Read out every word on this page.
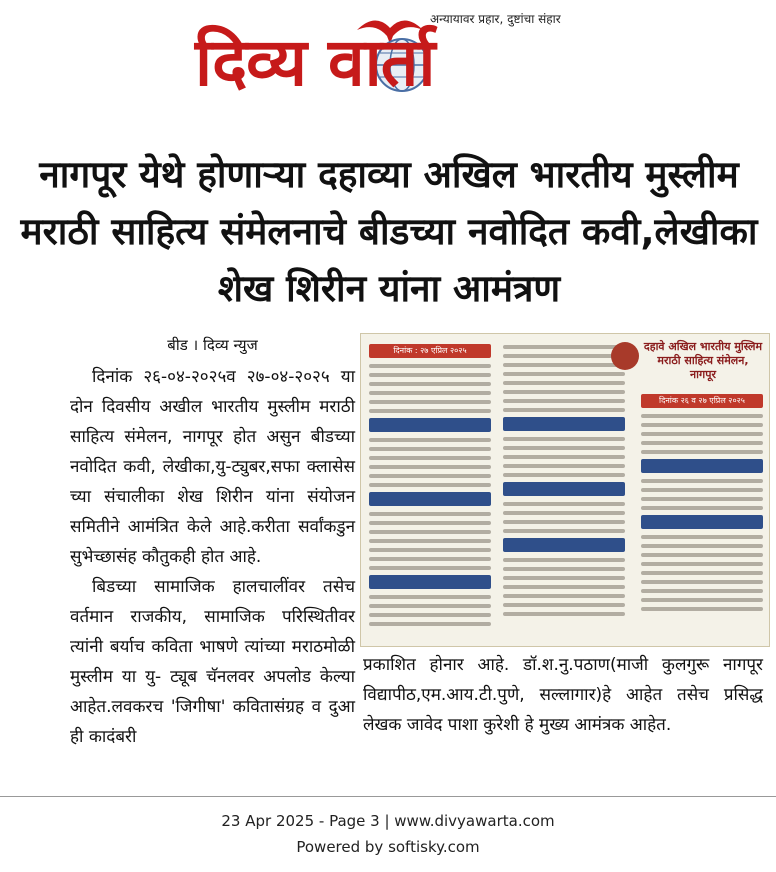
अन्यायावर प्रहार, दुष्टांचा संहार
दिव्य वार्ता
नागपूर येथे होणाऱ्या दहाव्या अखिल भारतीय मुस्लीम मराठी साहित्य संमेलनाचे बीडच्या नवोदित कवी,लेखीका शेख शिरीन यांना आमंत्रण

बीड । दिव्य न्युज

दिनांक २६-०४-२०२५व २७-०४-२०२५ या दोन दिवसीय अखील भारतीय मुस्लीम मराठी साहित्य संमेलन, नागपूर होत असुन बीडच्या नवोदित कवी, लेखीका,यु-ट्युबर,सफा क्लासेस च्या संचालीका शेख शिरीन यांना संयोजन समितीने आमंत्रित केले आहे.करीता सर्वांकडुन सुभेच्छासंह कौतुकही होत आहे.

बिडच्या सामाजिक हालचालींवर तसेच वर्तमान राजकीय, सामाजिक परिस्थितीवर त्यांनी बर्याच कविता भाषणे त्यांच्या मराठमोळी मुस्लीम या यु- ट्यूब चॅनलवर अपलोड केल्या आहेत.लवकरच 'जिगीषा' कवितासंग्रह व दुआ ही कादंबरी

दिनांक : २७ एप्रिल २०२५	दहावे अखिल भारतीय मुस्लिम मराठी साहित्य संमेलन, नागपूर
दिनांक २६ व २७ एप्रिल २०२५

प्रकाशित होनार आहे. डॉ.श.नु.पठाण(माजी कुलगुरू नागपूर विद्यापीठ,एम.आय.टी.पुणे, सल्लागार)हे आहेत तसेच प्रसिद्ध लेखक जावेद पाशा कुरेशी हे मुख्य आमंत्रक आहेत.

23 Apr 2025 - Page 3 | www.divyawarta.com
Powered by softisky.com
